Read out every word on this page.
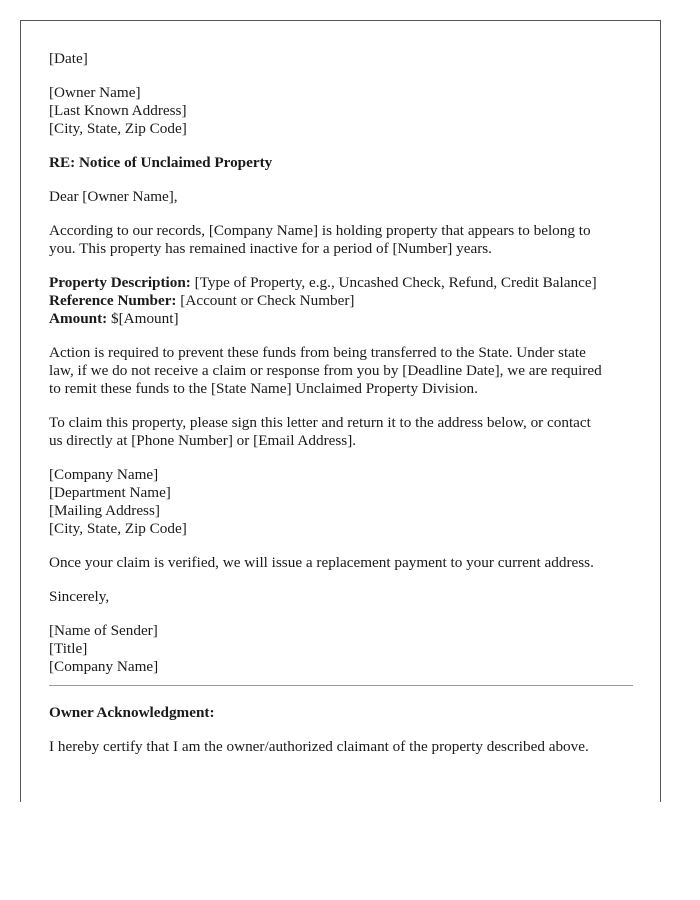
[Date]
[Owner Name]
[Last Known Address]
[City, State, Zip Code]
RE: Notice of Unclaimed Property
Dear [Owner Name],
According to our records, [Company Name] is holding property that appears to belong to
you. This property has remained inactive for a period of [Number] years.
Property Description: [Type of Property, e.g., Uncashed Check, Refund, Credit Balance]
Reference Number: [Account or Check Number]
Amount: $[Amount]
Action is required to prevent these funds from being transferred to the State. Under state
law, if we do not receive a claim or response from you by [Deadline Date], we are required
to remit these funds to the [State Name] Unclaimed Property Division.
To claim this property, please sign this letter and return it to the address below, or contact
us directly at [Phone Number] or [Email Address].
[Company Name]
[Department Name]
[Mailing Address]
[City, State, Zip Code]
Once your claim is verified, we will issue a replacement payment to your current address.
Sincerely,
[Name of Sender]
[Title]
[Company Name]
Owner Acknowledgment:
I hereby certify that I am the owner/authorized claimant of the property described above.
